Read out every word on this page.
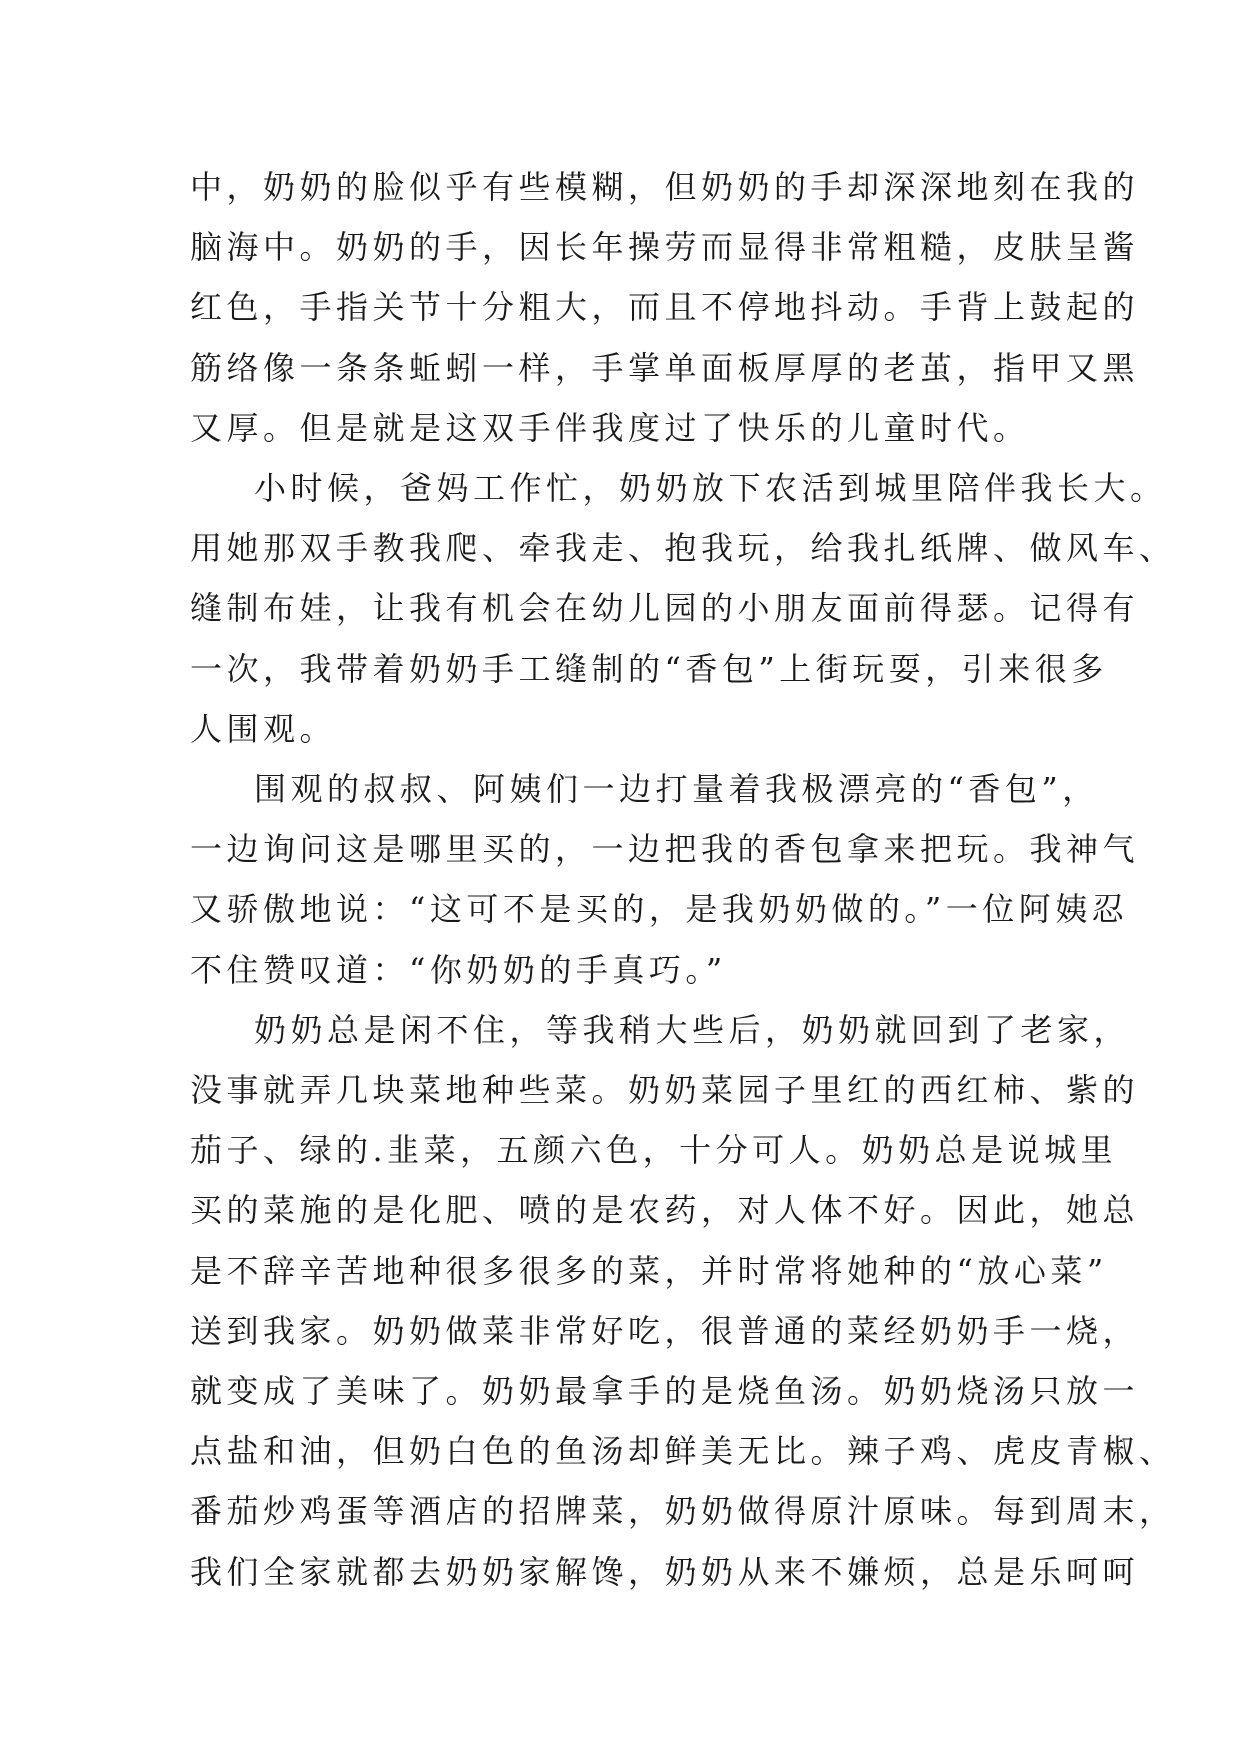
中，奶奶的脸似乎有些模糊，但奶奶的手却深深地刻在我的
脑海中。奶奶的手，因长年操劳而显得非常粗糙，皮肤呈酱
红色，手指关节十分粗大，而且不停地抖动。手背上鼓起的
筋络像一条条蚯蚓一样，手掌单面板厚厚的老茧，指甲又黑
又厚。但是就是这双手伴我度过了快乐的儿童时代。

小时候，爸妈工作忙，奶奶放下农活到城里陪伴我长大。
用她那双手教我爬、牵我走、抱我玩，给我扎纸牌、做风车、
缝制布娃，让我有机会在幼儿园的小朋友面前得瑟。记得有
一次，我带着奶奶手工缝制的“香包”上街玩耍，引来很多
人围观。

围观的叔叔、阿姨们一边打量着我极漂亮的“香包”，
一边询问这是哪里买的，一边把我的香包拿来把玩。我神气
又骄傲地说：“这可不是买的，是我奶奶做的。”一位阿姨忍
不住赞叹道：“你奶奶的手真巧。”

奶奶总是闲不住，等我稍大些后，奶奶就回到了老家，
没事就弄几块菜地种些菜。奶奶菜园子里红的西红柿、紫的
茄子、绿的.韭菜，五颜六色，十分可人。奶奶总是说城里
买的菜施的是化肥、喷的是农药，对人体不好。因此，她总
是不辞辛苦地种很多很多的菜，并时常将她种的“放心菜”
送到我家。奶奶做菜非常好吃，很普通的菜经奶奶手一烧，
就变成了美味了。奶奶最拿手的是烧鱼汤。奶奶烧汤只放一
点盐和油，但奶白色的鱼汤却鲜美无比。辣子鸡、虎皮青椒、
番茄炒鸡蛋等酒店的招牌菜，奶奶做得原汁原味。每到周末，
我们全家就都去奶奶家解馋，奶奶从来不嫌烦，总是乐呵呵
